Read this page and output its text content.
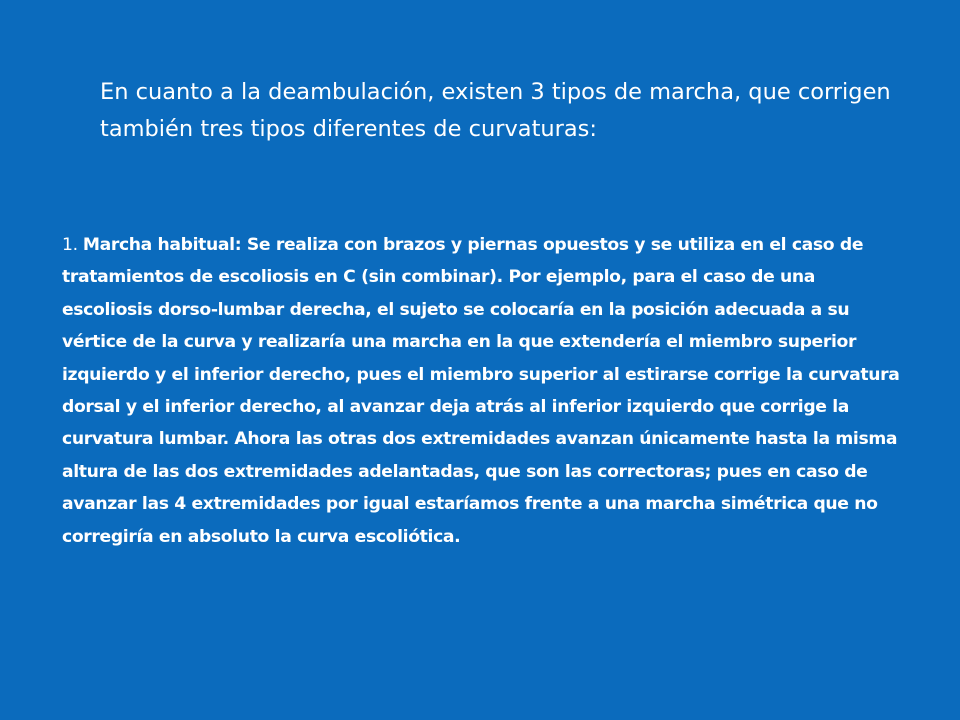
En cuanto a la deambulación, existen 3 tipos de marcha, que corrigen también tres tipos diferentes de curvaturas:

1. Marcha habitual: Se realiza con brazos y piernas opuestos y se utiliza en el caso de tratamientos de escoliosis en C (sin combinar). Por ejemplo, para el caso de una escoliosis dorso-lumbar derecha, el sujeto se colocaría en la posición adecuada a su vértice de la curva y realizaría una marcha en la que extendería el miembro superior izquierdo y el inferior derecho, pues el miembro superior al estirarse corrige la curvatura dorsal y el inferior derecho, al avanzar deja atrás al inferior izquierdo que corrige la curvatura lumbar. Ahora las otras dos extremidades avanzan únicamente hasta la misma altura de las dos extremidades adelantadas, que son las correctoras; pues en caso de avanzar las 4 extremidades por igual estaríamos frente a una marcha simétrica que no corregiría en absoluto la curva escoliótica.
